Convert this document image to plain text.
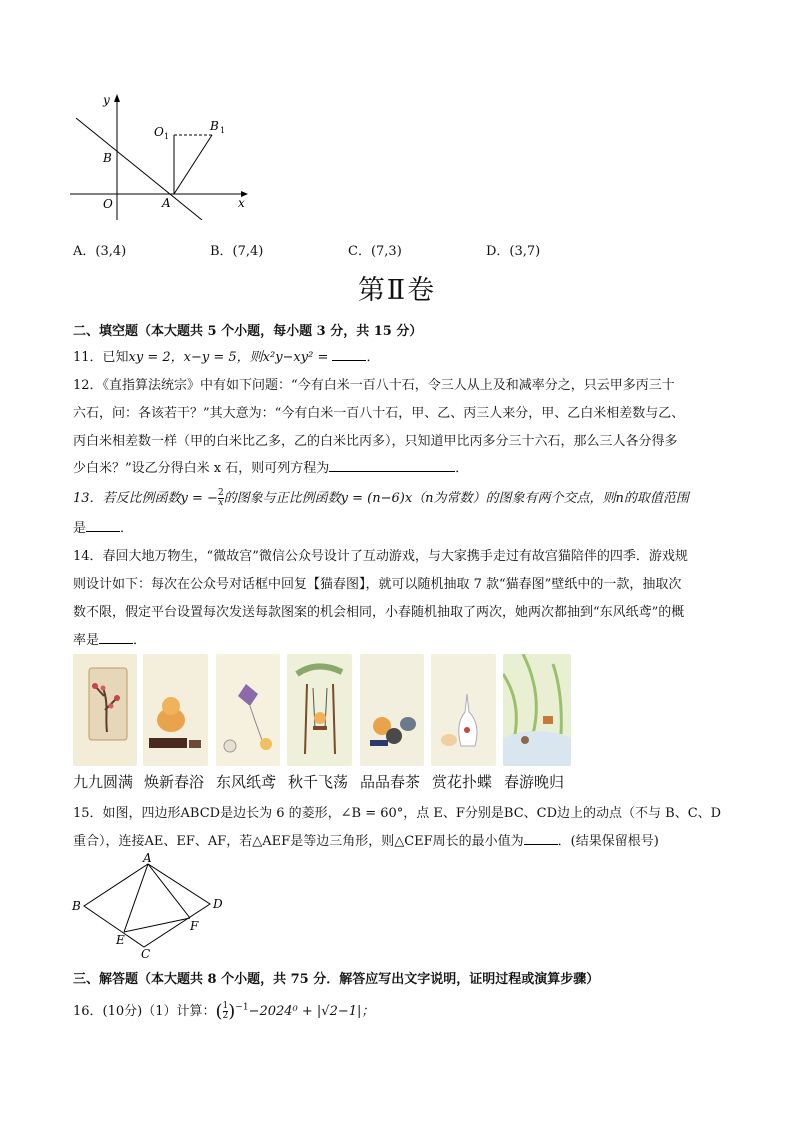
y
x
O	A
B
O 1
B 1
A．(3,4)	B．(7,4)	C．(7,3)	D．(3,7)
第Ⅱ卷
二、填空题（本大题共 5 个小题，每小题 3 分，共 15 分）
11．已知xy = 2，x−y = 5，则x²y−xy² =	．
12．《直指算法统宗》中有如下问题：“今有白米一百八十石，令三人从上及和减率分之，只云甲多丙三十
六石，问：各该若干？”其大意为：“今有白米一百八十石，甲、乙、丙三人来分，甲、乙白米相差数与乙、
丙白米相差数一样（甲的白米比乙多，乙的白米比丙多），只知道甲比丙多分三十六石，那么三人各分得多
少白米？”设乙分得白米 x 石，则可列方程为	．
13．若反比例函数y = − $\frac{2}{x}$ 的图象与正比例函数y = (n−6)x（n为常数）的图象有两个交点，则n的取值范围
是	．
14．春回大地万物生，“微故宫”微信公众号设计了互动游戏，与大家携手走过有故宫猫陪伴的四季．游戏规
则设计如下：每次在公众号对话框中回复【猫春图】，就可以随机抽取 7 款“猫春图”壁纸中的一款，抽取次
数不限，假定平台设置每次发送每款图案的机会相同，小春随机抽取了两次，她两次都抽到“东风纸鸢”的概
率是	．
九九圆满 焕新春浴 东风纸鸢 秋千飞荡 品品春茶 赏花扑蝶 春游晚归
15．如图，四边形ABCD是边长为 6 的菱形，∠B = 60°，点 E、F分别是BC、CD边上的动点（不与 B、C、D
重合），连接AE、EF、AF，若△AEF是等边三角形，则△CEF周长的最小值为	．(结果保留根号)
A
B
C
D
E
F
三、解答题（本大题共 8 个小题，共 75 分．解答应写出文字说明，证明过程或演算步骤）
16．(10分)（1）计算：( $\frac{1}{2} )^{-1}-2024^0 + |√2-1|$；
